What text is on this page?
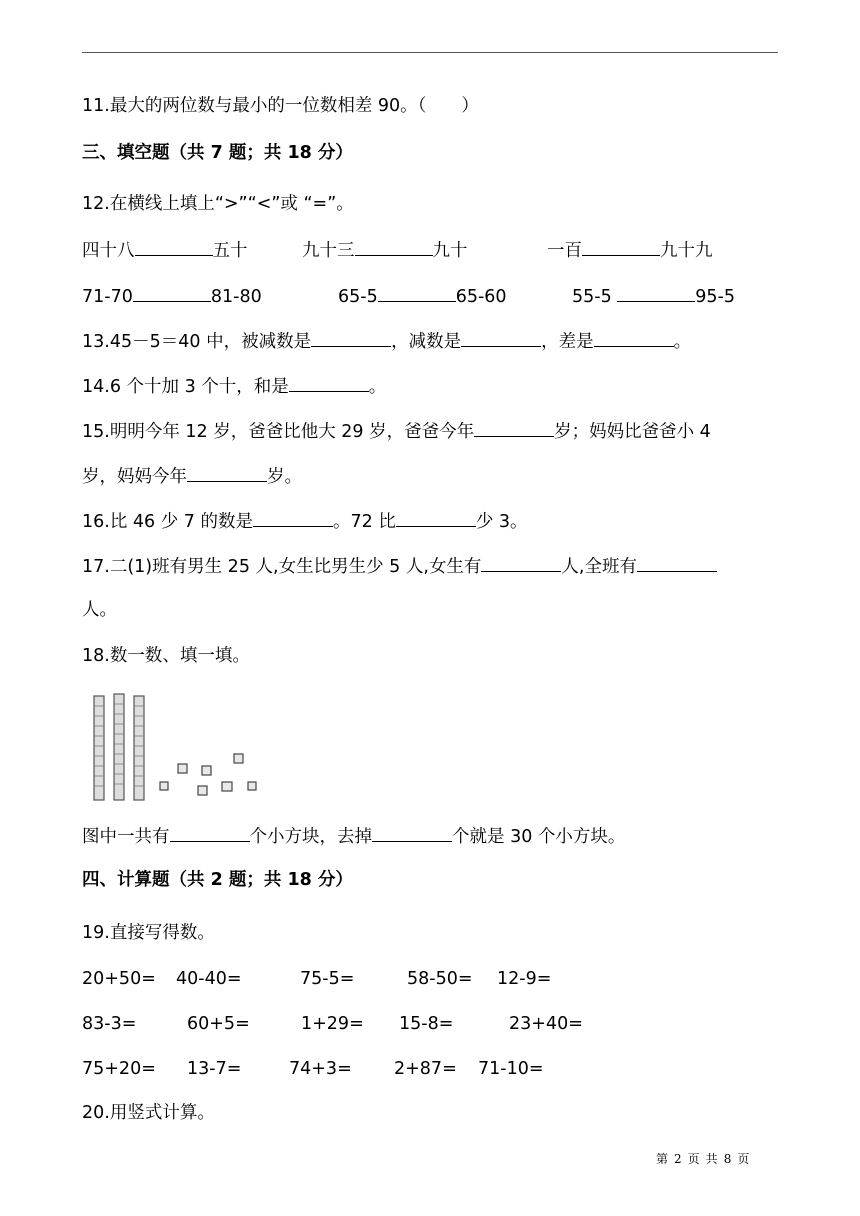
11.最大的两位数与最小的一位数相差 90。（　　）
三、填空题（共 7 题；共 18 分）
12.在横线上填上“>”“<”或 “=”。
四十八	五十	九十三	九十	一百	九十九
71-70	81-80	65-5	65-60	55-5	95-5
13.45－5＝40 中，被减数是	，减数是	，差是	。
14.6 个十加 3 个十，和是	。
15.明明今年 12 岁，爸爸比他大 29 岁，爸爸今年	岁；妈妈比爸爸小 4
岁，妈妈今年	岁。
16.比 46 少 7 的数是	。72 比	少 3。
17.二(1)班有男生 25 人,女生比男生少 5 人,女生有	人,全班有
人。
18.数一数、填一填。
图中一共有	个小方块，去掉	个就是 30 个小方块。
四、计算题（共 2 题；共 18 分）
19.直接写得数。
20+50= 40-40=	75-5=	58-50= 12-9=
83-3=	60+5=	1+29= 15-8=	23+40=
75+20= 13-7=	74+3= 2+87= 71-10=
20.用竖式计算。
第 2 页 共 8 页
